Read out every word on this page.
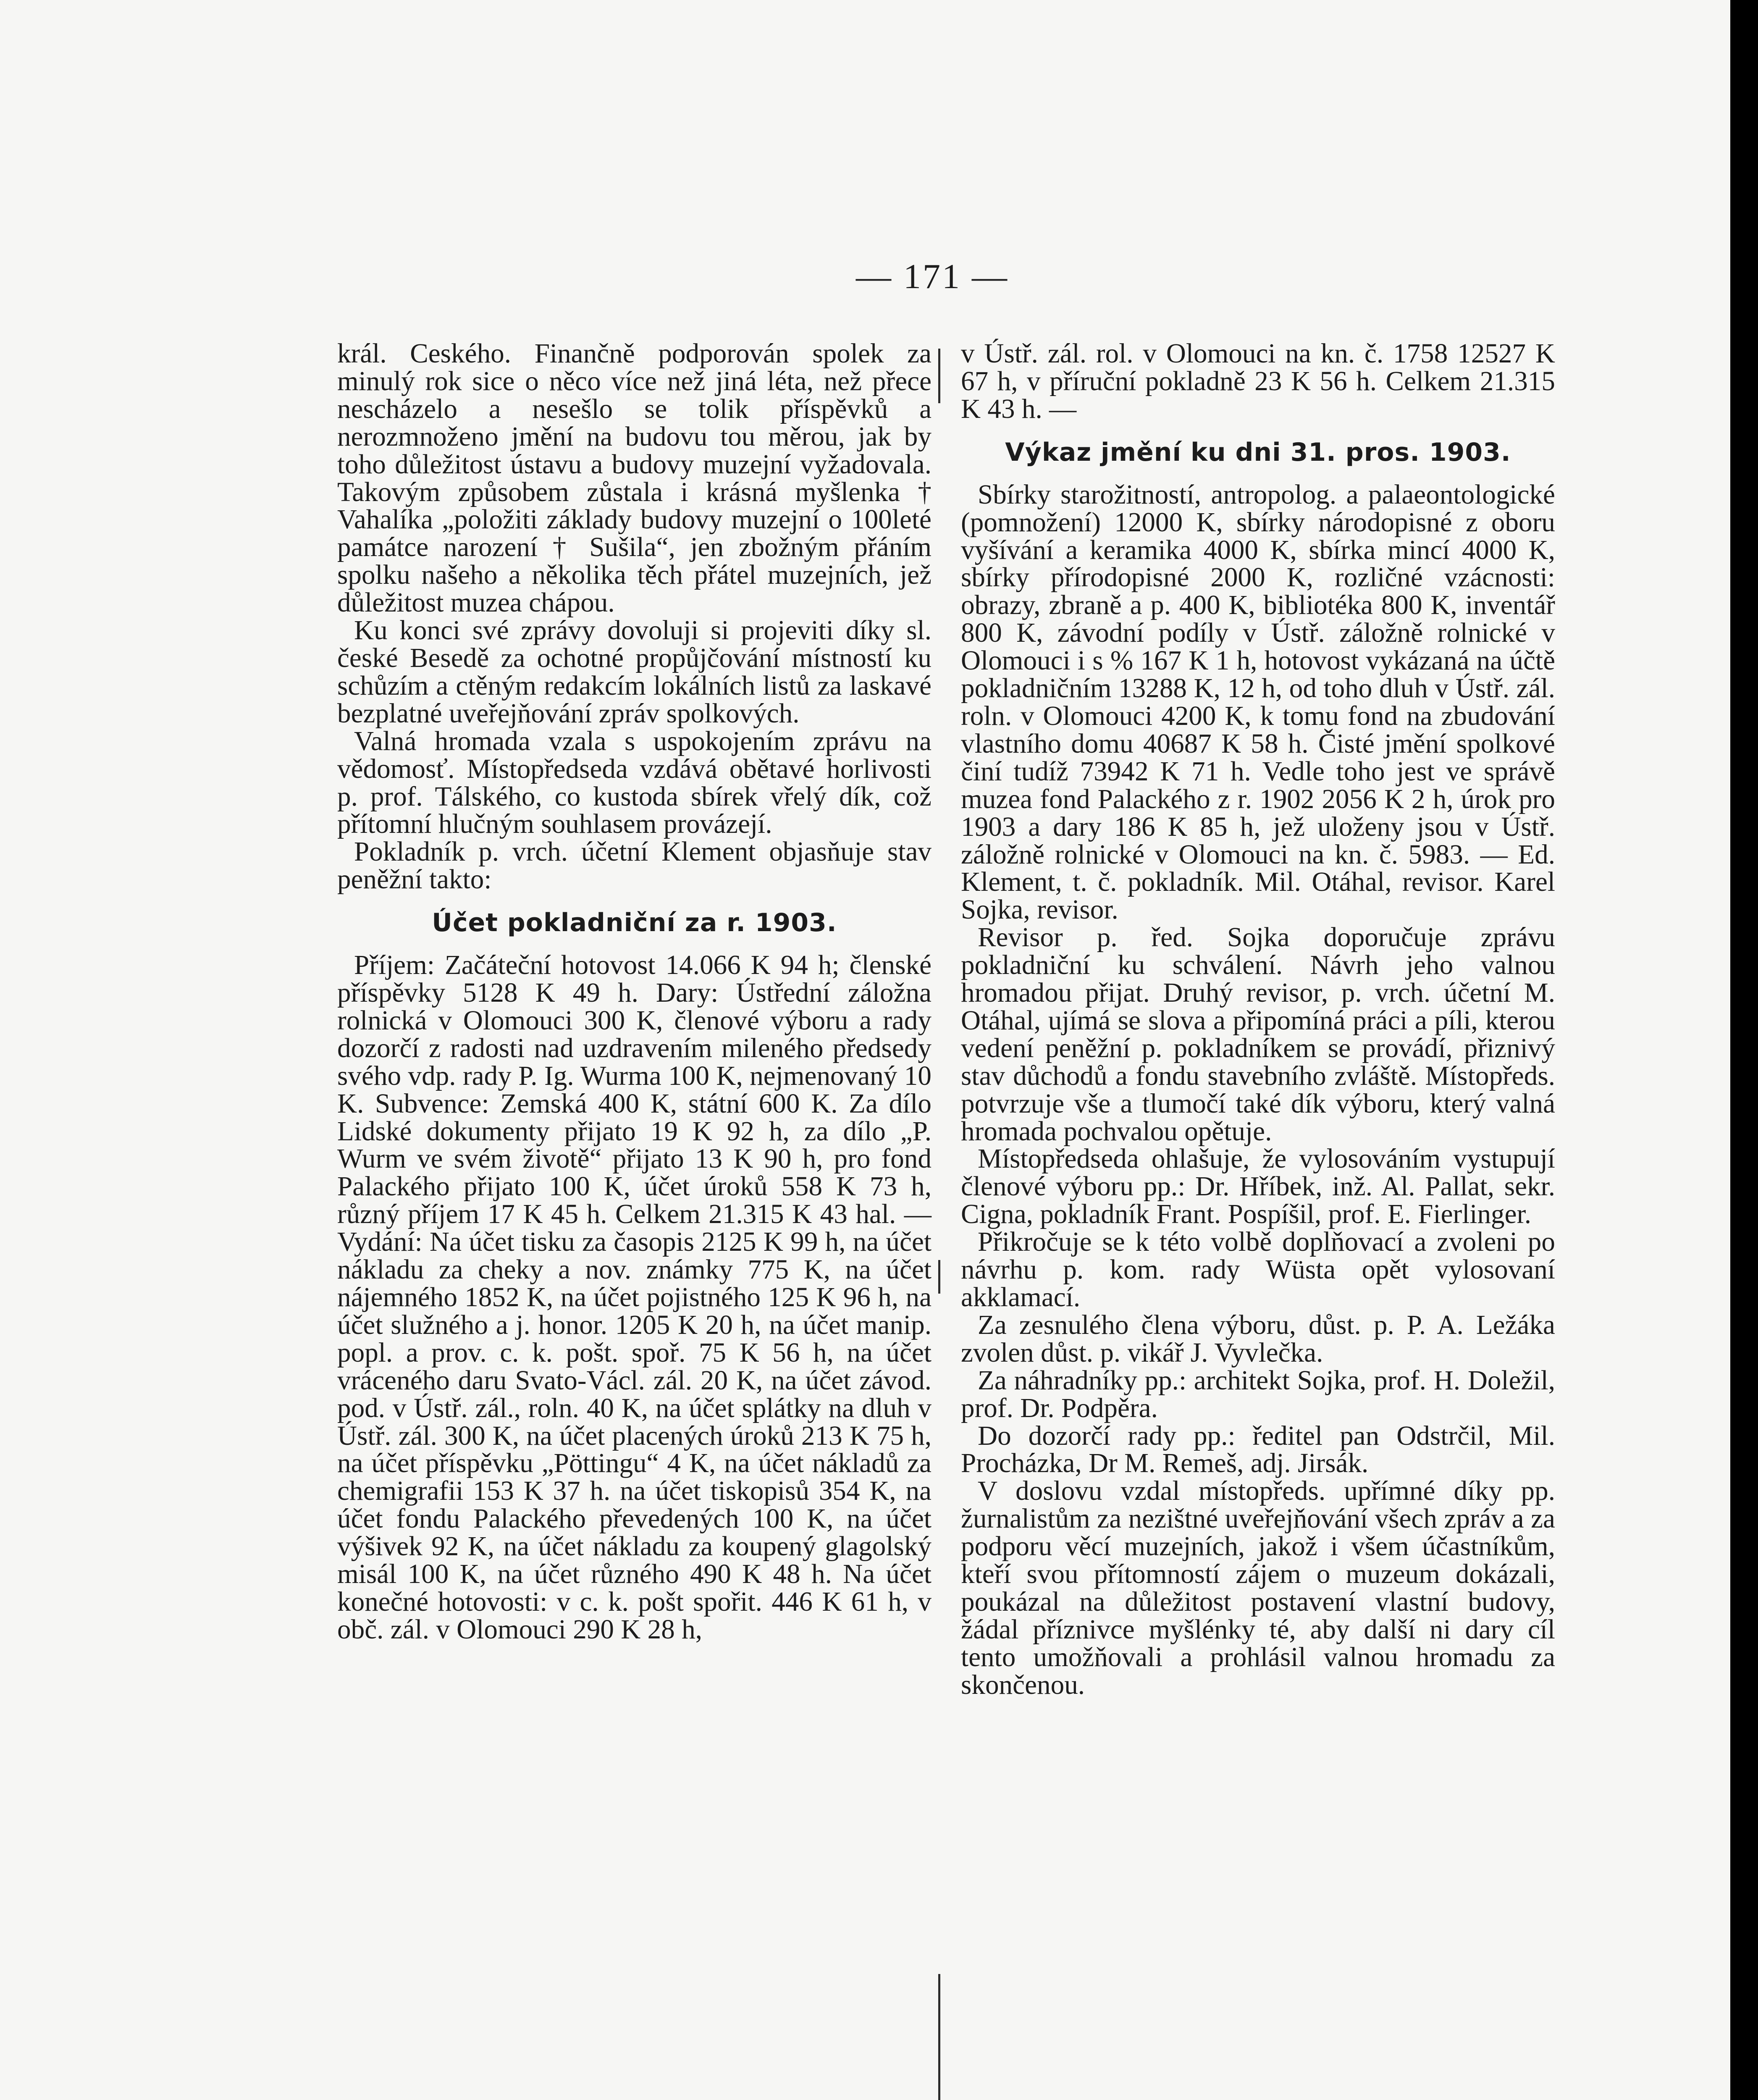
— 171 —

král. Ceského. Finančně podporován spolek za minulý rok sice o něco více než jiná léta, než přece nescházelo a nesešlo se tolik příspěvků a nerozmnoženo jmění na budovu tou měrou, jak by toho důležitost ústavu a budovy muzejní vyžadovala. Takovým způsobem zůstala i krásná myšlenka † Vahalíka „položiti základy budovy muzejní o 100leté památce narození † Sušila“, jen zbožným přáním spolku našeho a několika těch přátel muzejních, jež důležitost muzea chápou.

Ku konci své zprávy dovoluji si projeviti díky sl. české Besedě za ochotné propůjčování místností ku schůzím a ctěným redakcím lokálních listů za laskavé bezplatné uveřejňování zpráv spolkových.

Valná hromada vzala s uspokojením zprávu na vědomosť. Místopředseda vzdává obětavé horlivosti p. prof. Tálského, co kustoda sbírek vřelý dík, což přítomní hlučným souhlasem provázejí.

Pokladník p. vrch. účetní Klement objasňuje stav peněžní takto:

Účet pokladniční za r. 1903.

Příjem: Začáteční hotovost 14.066 K 94 h; členské příspěvky 5128 K 49 h. Dary: Ústřední záložna rolnická v Olomouci 300 K, členové výboru a rady dozorčí z radosti nad uzdravením mileného předsedy svého vdp. rady P. Ig. Wurma 100 K, nejmenovaný 10 K. Subvence: Zemská 400 K, státní 600 K. Za dílo Lidské dokumenty přijato 19 K 92 h, za dílo „P. Wurm ve svém životě“ přijato 13 K 90 h, pro fond Palackého přijato 100 K, účet úroků 558 K 73 h, různý příjem 17 K 45 h. Celkem 21.315 K 43 hal. — Vydání: Na účet tisku za časopis 2125 K 99 h, na účet nákladu za cheky a nov. známky 775 K, na účet nájemného 1852 K, na účet pojistného 125 K 96 h, na účet služného a j. honor. 1205 K 20 h, na účet manip. popl. a prov. c. k. pošt. spoř. 75 K 56 h, na účet vráceného daru Svato-Václ. zál. 20 K, na účet závod. pod. v Ústř. zál., roln. 40 K, na účet splátky na dluh v Ústř. zál. 300 K, na účet placených úroků 213 K 75 h, na účet příspěvku „Pöttingu“ 4 K, na účet nákladů za chemigrafii 153 K 37 h. na účet tiskopisů 354 K, na účet fondu Palackého převedených 100 K, na účet výšivek 92 K, na účet nákladu za koupený glagolský misál 100 K, na účet různého 490 K 48 h. Na účet konečné hotovosti: v c. k. pošt spořit. 446 K 61 h, v obč. zál. v Olomouci 290 K 28 h,

v Ústř. zál. rol. v Olomouci na kn. č. 1758 12527 K 67 h, v příruční pokladně 23 K 56 h. Celkem 21.315 K 43 h. —

Výkaz jmění ku dni 31. pros. 1903.

Sbírky starožitností, antropolog. a palaeontologické (pomnožení) 12000 K, sbírky národopisné z oboru vyšívání a keramika 4000 K, sbírka mincí 4000 K, sbírky přírodopisné 2000 K, rozličné vzácnosti: obrazy, zbraně a p. 400 K, bibliotéka 800 K, inventář 800 K, závodní podíly v Ústř. záložně rolnické v Olomouci i s % 167 K 1 h, hotovost vykázaná na účtě pokladničním 13288 K, 12 h, od toho dluh v Ústř. zál. roln. v Olomouci 4200 K, k tomu fond na zbudování vlastního domu 40687 K 58 h. Čisté jmění spolkové činí tudíž 73942 K 71 h. Vedle toho jest ve správě muzea fond Palackého z r. 1902 2056 K 2 h, úrok pro 1903 a dary 186 K 85 h, jež uloženy jsou v Ústř. záložně rolnické v Olomouci na kn. č. 5983. — Ed. Klement, t. č. pokladník. Mil. Otáhal, revisor. Karel Sojka, revisor.

Revisor p. řed. Sojka doporučuje zprávu pokladniční ku schválení. Návrh jeho valnou hromadou přijat. Druhý revisor, p. vrch. účetní M. Otáhal, ujímá se slova a připomíná práci a píli, kterou vedení peněžní p. pokladníkem se provádí, přiznivý stav důchodů a fondu stavebního zvláště. Místopředs. potvrzuje vše a tlumočí také dík výboru, který valná hromada pochvalou opětuje.

Místopředseda ohlašuje, že vylosováním vystupují členové výboru pp.: Dr. Hříbek, inž. Al. Pallat, sekr. Cigna, pokladník Frant. Pospíšil, prof. E. Fierlinger.

Přikročuje se k této volbě doplňovací a zvoleni po návrhu p. kom. rady Wüsta opět vylosovaní akklamací.

Za zesnulého člena výboru, důst. p. P. A. Ležáka zvolen důst. p. vikář J. Vyvlečka.

Za náhradníky pp.: architekt Sojka, prof. H. Doležil, prof. Dr. Podpěra.

Do dozorčí rady pp.: ředitel pan Odstrčil, Mil. Procházka, Dr M. Remeš, adj. Jirsák.

V doslovu vzdal místopředs. upřímné díky pp. žurnalistům za nezištné uveřejňování všech zpráv a za podporu věcí muzejních, jakož i všem účastníkům, kteří svou přítomností zájem o muzeum dokázali, poukázal na důležitost postavení vlastní budovy, žádal příznivce myšlénky té, aby další ni dary cíl tento umožňovali a prohlásil valnou hromadu za skončenou.
